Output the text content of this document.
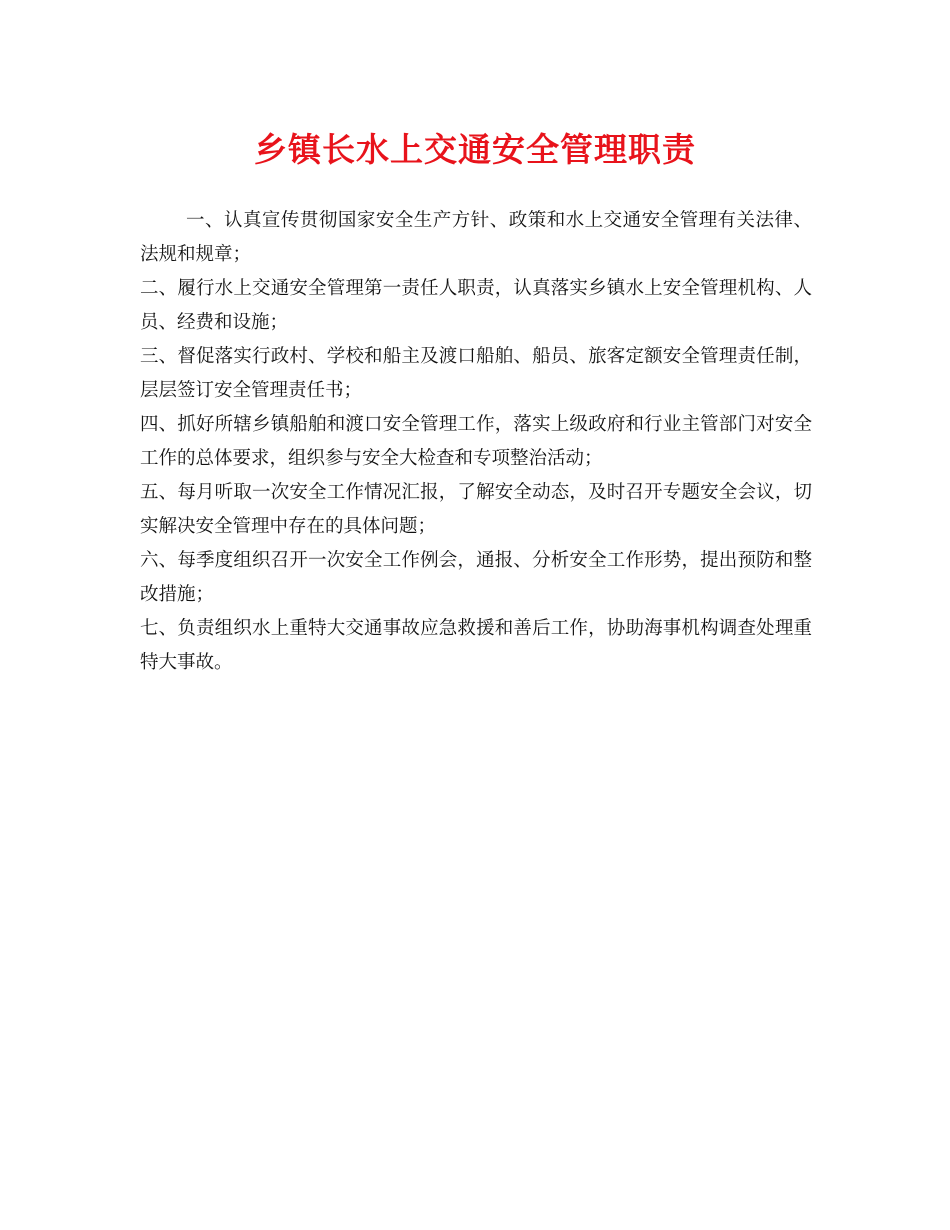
乡镇长水上交通安全管理职责

一、认真宣传贯彻国家安全生产方针、政策和水上交通安全管理有关法律、法规和规章；

二、履行水上交通安全管理第一责任人职责，认真落实乡镇水上安全管理机构、人员、经费和设施；

三、督促落实行政村、学校和船主及渡口船舶、船员、旅客定额安全管理责任制，层层签订安全管理责任书；

四、抓好所辖乡镇船舶和渡口安全管理工作，落实上级政府和行业主管部门对安全工作的总体要求，组织参与安全大检查和专项整治活动；

五、每月听取一次安全工作情况汇报，了解安全动态，及时召开专题安全会议，切实解决安全管理中存在的具体问题；

六、每季度组织召开一次安全工作例会，通报、分析安全工作形势，提出预防和整改措施；

七、负责组织水上重特大交通事故应急救援和善后工作，协助海事机构调查处理重特大事故。
